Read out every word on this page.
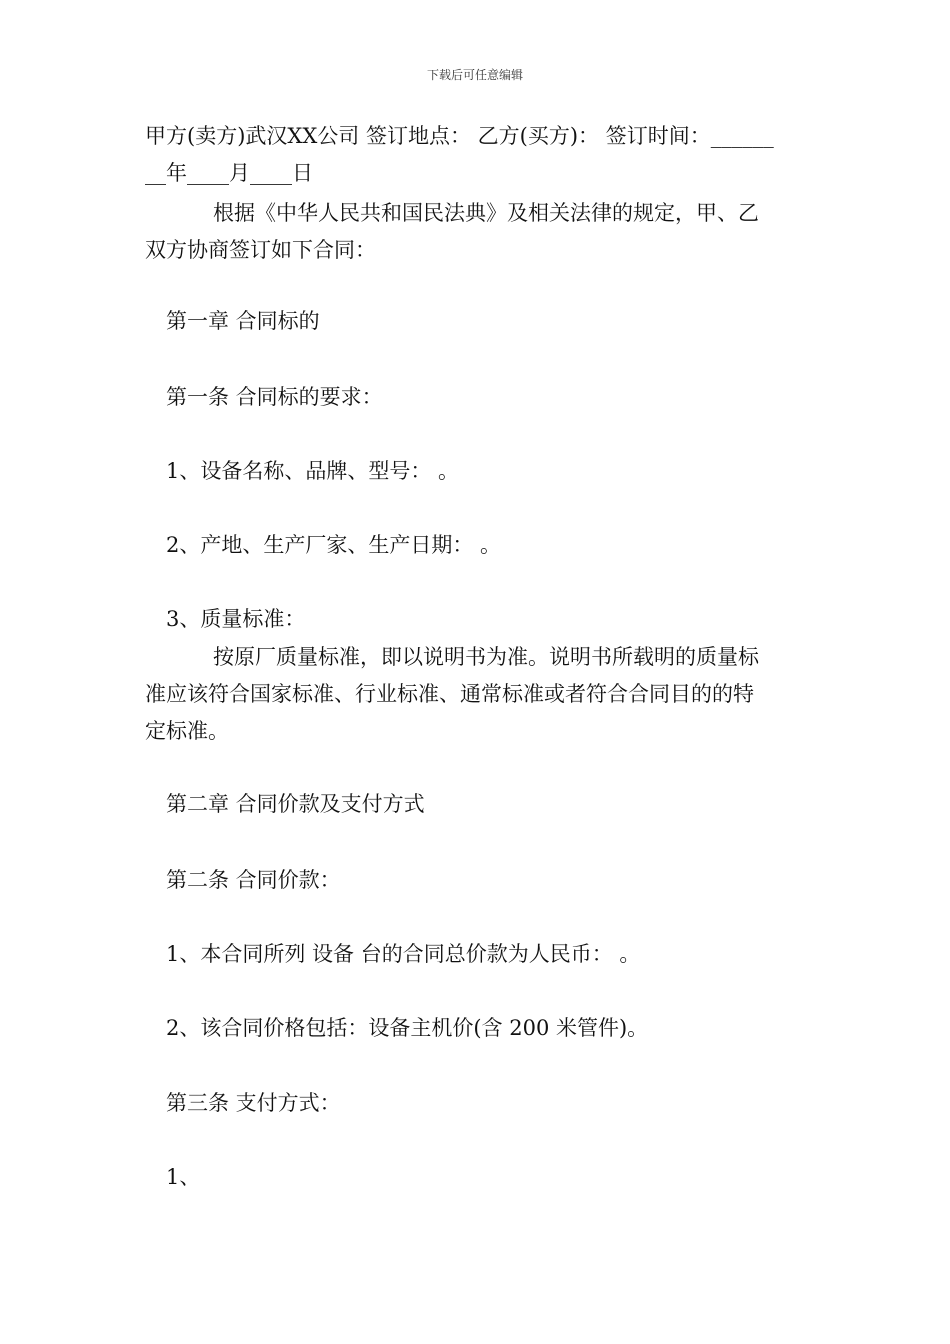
下载后可任意编辑
甲方(卖方)武汉XX公司 签订地点： 乙方(买方)： 签订时间：______
__年____月____日
根据《中华人民共和国民法典》及相关法律的规定，甲、乙
双方协商签订如下合同：
第一章 合同标的
第一条 合同标的要求：
1、设备名称、品牌、型号： 。
2、产地、生产厂家、生产日期： 。
3、质量标准：
按原厂质量标准，即以说明书为准。说明书所载明的质量标
准应该符合国家标准、行业标准、通常标准或者符合合同目的的特
定标准。
第二章 合同价款及支付方式
第二条 合同价款：
1、本合同所列 设备 台的合同总价款为人民币： 。
2、该合同价格包括：设备主机价(含 200 米管件)。
第三条 支付方式：
1、
